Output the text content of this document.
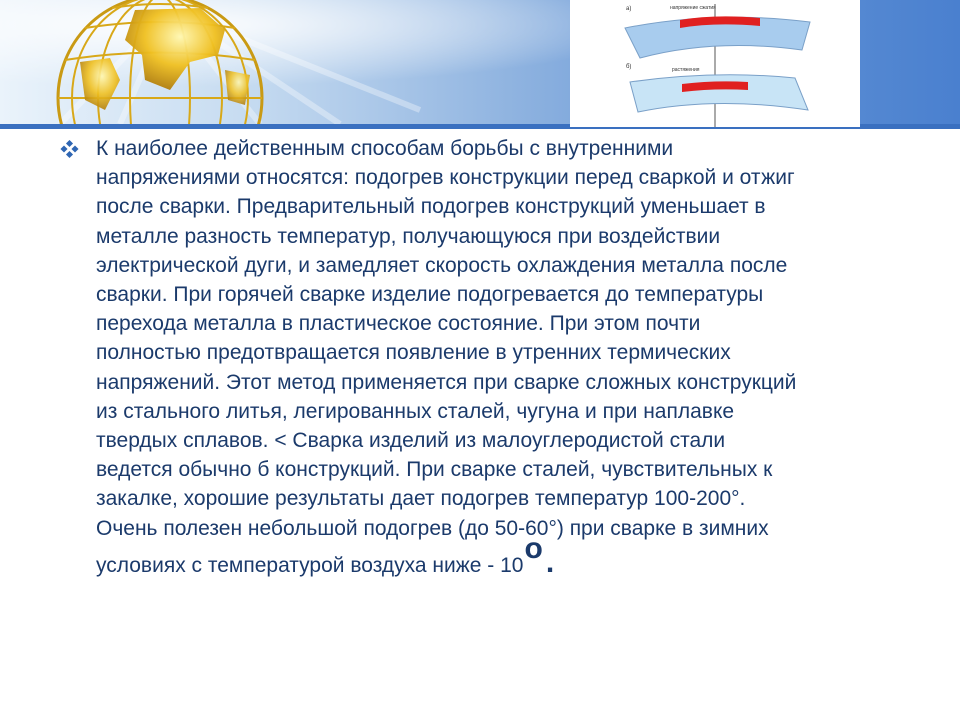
a)	напряжение сжатия
б)	растяжения
К наиболее действенным способам борьбы с внутренними
напряжениями относятся: подогрев конструкции перед сваркой и отжиг
после сварки. Предварительный подогрев конструкций уменьшает в
металле разность температур, получающуюся при воздействии
электрической дуги, и замедляет скорость охлаждения металла после
сварки. При горячей сварке изделие подогревается до температуры
перехода металла в пластическое состояние. При этом почти
полностью предотвращается появление в утренних термических
напряжений. Этот метод применяется при сварке сложных конструкций
из стального литья, легированных сталей, чугуна и при наплавке
твердых сплавов. < Сварка изделий из малоуглеродистой стали
ведется обычно б конструкций. При сварке сталей, чувствительных к
закалке, хорошие результаты дает подогрев температур 100-200°.
Очень полезен небольшой подогрев (до 50-60°) при сварке в зимних
условиях с температурой воздуха ниже - 10o .
